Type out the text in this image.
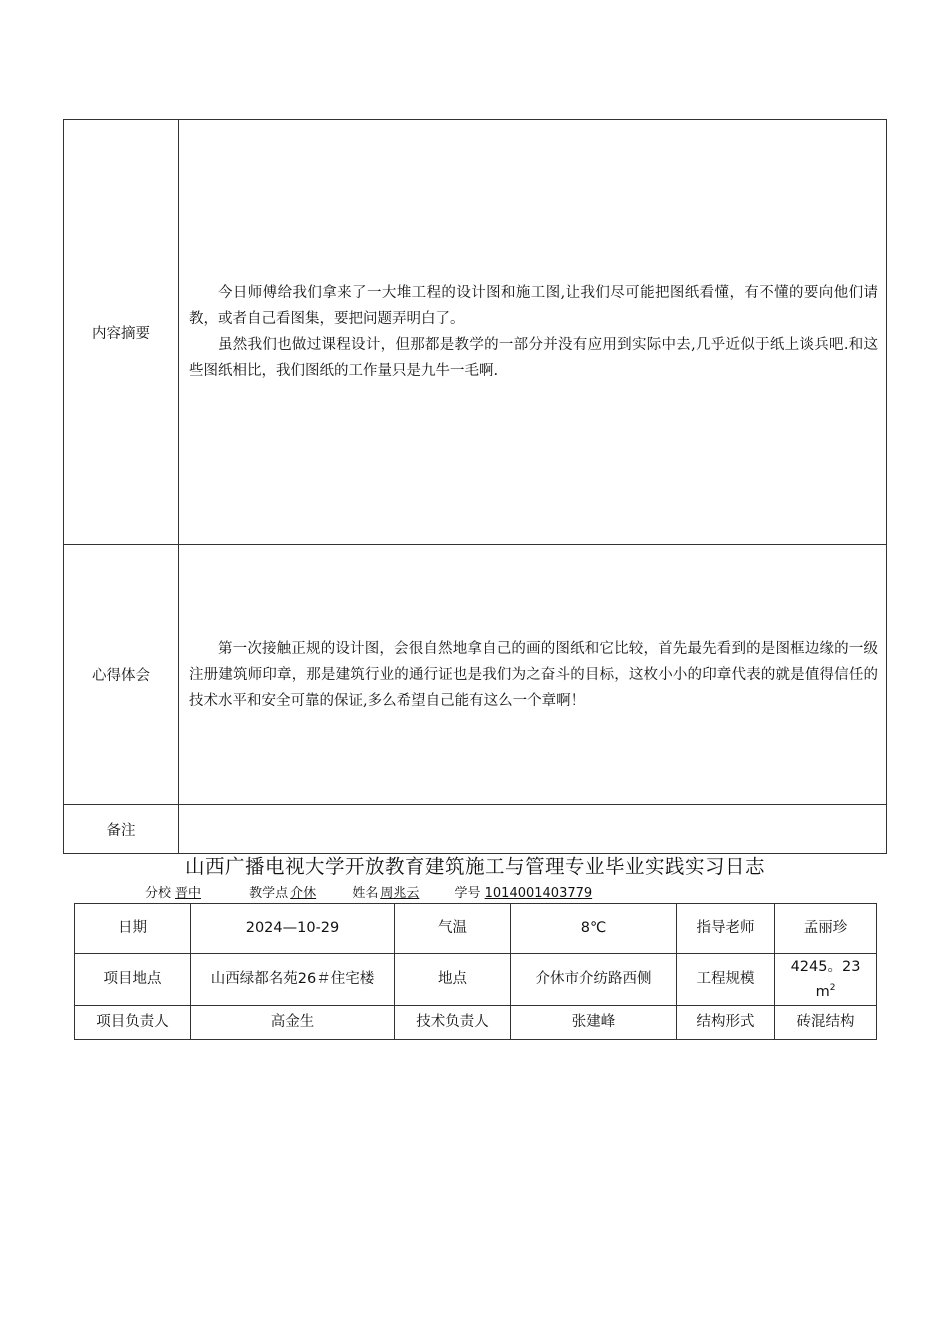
内容摘要	今日师傅给我们拿来了一大堆工程的设计图和施工图,让我们尽可能把图纸看懂，有不懂的要向他们请教，或者自己看图集，要把问题弄明白了。

虽然我们也做过课程设计，但那都是教学的一部分并没有应用到实际中去,几乎近似于纸上谈兵吧.和这些图纸相比，我们图纸的工作量只是九牛一毛啊.

心得体会	第一次接触正规的设计图，会很自然地拿自己的画的图纸和它比较，首先最先看到的是图框边缘的一级注册建筑师印章，那是建筑行业的通行证也是我们为之奋斗的目标，这枚小小的印章代表的就是值得信任的技术水平和安全可靠的保证,多么希望自己能有这么一个章啊！

备注	
山西广播电视大学开放教育建筑施工与管理专业毕业实践实习日志
分校 晋中	教学点 介休	姓名 周兆云	学号 1014001403779
日期	2024—10-29	气温	8℃	指导老师	孟丽珍
项目地点	山西绿都名苑26＃住宅楼	地点	介休市介纺路西侧	工程规模	4245。23
$m^2$

项目负责人	高金生	技术负责人	张建峰	结构形式	砖混结构
